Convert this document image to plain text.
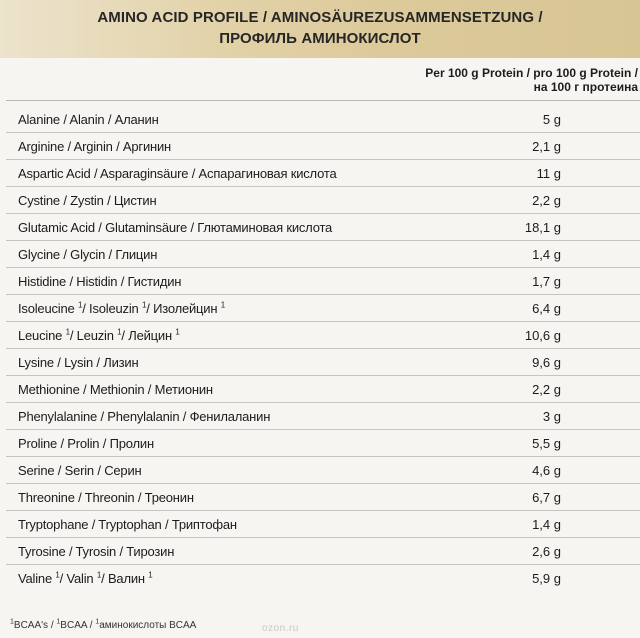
AMINO ACID PROFILE / AMINOSÄUREZUSAMMENSETZUNG /
ПРОФИЛЬ АМИНОКИСЛОТ
Per 100 g Protein / pro 100 g Protein /
на 100 г протеина
Alanine / Alanin / Аланин	5 g
Arginine / Arginin / Аргинин	2,1 g
Aspartic Acid / Asparaginsäure / Аспарагиновая кислота	11 g
Cystine / Zystin / Цистин	2,2 g
Glutamic Acid / Glutaminsäure / Глютаминовая кислота	18,1 g
Glycine / Glycin / Глицин	1,4 g
Histidine / Histidin / Гистидин	1,7 g
Isoleucine $^1$/ Isoleuzin $^1$/ Изолейцин $^1$	6,4 g
Leucine $^1$/ Leuzin $^1$/ Лейцин $^1$	10,6 g
Lysine / Lysin / Лизин	9,6 g
Methionine / Methionin / Метионин	2,2 g
Phenylalanine / Phenylalanin / Фенилаланин	3 g
Proline / Prolin / Пролин	5,5 g
Serine / Serin / Серин	4,6 g
Threonine / Threonin / Треонин	6,7 g
Tryptophane / Tryptophan / Триптофан	1,4 g
Tyrosine / Tyrosin / Тирозин	2,6 g
Valine $^1$/ Valin $^1$/ Валин $^1$	5,9 g
$^1$BCAA's / $^1$BCAA / $^1$аминокислоты BCAA	ozon.ru
